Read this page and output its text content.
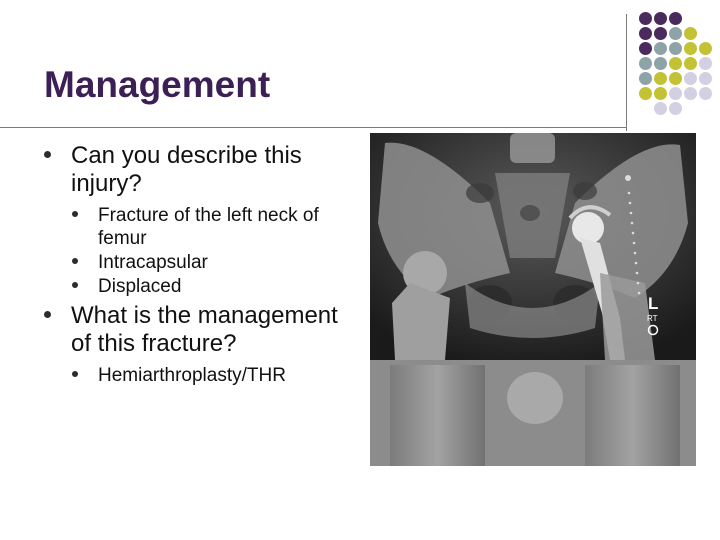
Management
Can you describe this injury?
Fracture of the left neck of femur
Intracapsular
Displaced
What is the management of this fracture?
Hemiarthroplasty/THR
L
RT
